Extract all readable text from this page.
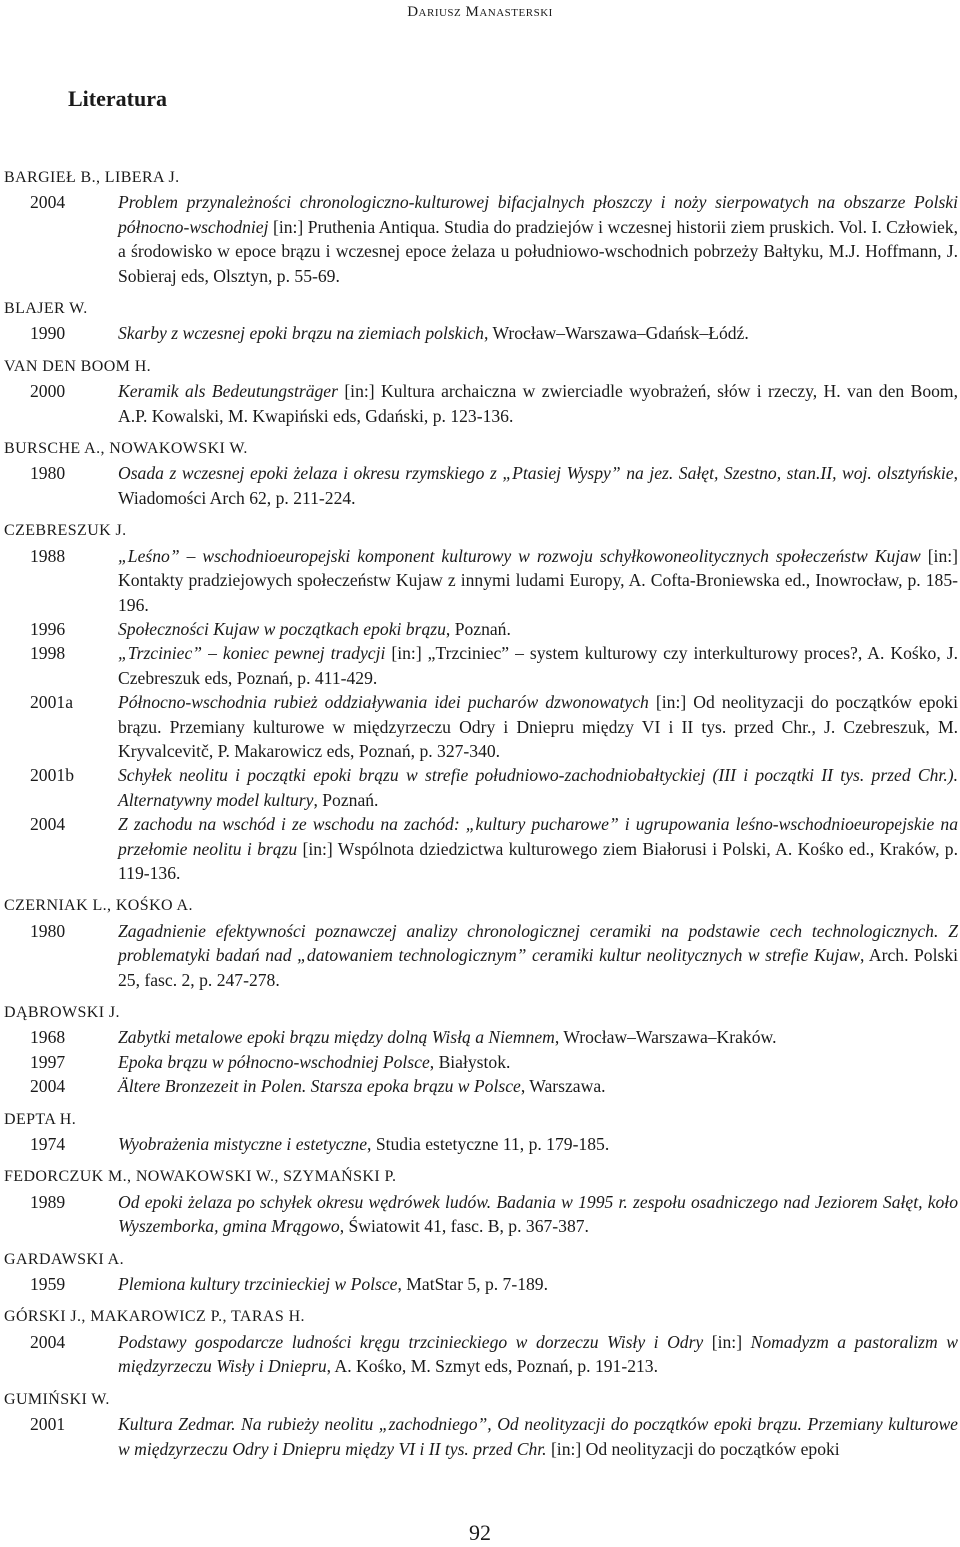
Dariusz Manasterski
Literatura
BARGIEŁ B., LIBERA J.
2004	Problem przynależności chronologiczno-kulturowej bifacjalnych płoszczy i noży sierpowatych na obszarze Polski północno-wschodniej [in:] Pruthenia Antiqua. Studia do pradziejów i wczesnej historii ziem pruskich. Vol. I. Człowiek, a środowisko w epoce brązu i wczesnej epoce żelaza u południowo-wschodnich pobrzeży Bałtyku, M.J. Hoffmann, J. Sobieraj eds, Olsztyn, p. 55-69.
BLAJER W.
1990	Skarby z wczesnej epoki brązu na ziemiach polskich, Wrocław–Warszawa–Gdańsk–Łódź.
VAN DEN BOOM H.
2000	Keramik als Bedeutungsträger [in:] Kultura archaiczna w zwierciadle wyobrażeń, słów i rzeczy, H. van den Boom, A.P. Kowalski, M. Kwapiński eds, Gdański, p. 123-136.
BURSCHE A., NOWAKOWSKI W.
1980	Osada z wczesnej epoki żelaza i okresu rzymskiego z „Ptasiej Wyspy” na jez. Sałęt, Szestno, stan.II, woj. olsztyńskie, Wiadomości Arch 62, p. 211-224.
CZEBRESZUK J.
1988	„Leśno” – wschodnioeuropejski komponent kulturowy w rozwoju schyłkowoneolitycznych społeczeństw Kujaw [in:] Kontakty pradziejowych społeczeństw Kujaw z innymi ludami Europy, A. Cofta-Broniewska ed., Inowrocław, p. 185-196.
1996	Społeczności Kujaw w początkach epoki brązu, Poznań.
1998	„Trzciniec” – koniec pewnej tradycji [in:] „Trzciniec” – system kulturowy czy interkulturowy proces?, A. Kośko, J. Czebreszuk eds, Poznań, p. 411-429.
2001a	Północno-wschodnia rubież oddziaływania idei pucharów dzwonowatych [in:] Od neolityzacji do początków epoki brązu. Przemiany kulturowe w międzyrzeczu Odry i Dniepru między VI i II tys. przed Chr., J. Czebreszuk, M. Kryvalcevitč, P. Makarowicz eds, Poznań, p. 327-340.
2001b	Schyłek neolitu i początki epoki brązu w strefie południowo-zachodniobałtyckiej (III i początki II tys. przed Chr.). Alternatywny model kultury, Poznań.
2004	Z zachodu na wschód i ze wschodu na zachód: „kultury pucharowe” i ugrupowania leśno-wschodnioeuropejskie na przełomie neolitu i brązu [in:] Wspólnota dziedzictwa kulturowego ziem Białorusi i Polski, A. Kośko ed., Kraków, p. 119-136.
CZERNIAK L., KOŚKO A.
1980	Zagadnienie efektywności poznawczej analizy chronologicznej ceramiki na podstawie cech technologicznych. Z problematyki badań nad „datowaniem technologicznym” ceramiki kultur neolitycznych w strefie Kujaw, Arch. Polski 25, fasc. 2, p. 247-278.
DĄBROWSKI J.
1968	Zabytki metalowe epoki brązu między dolną Wisłą a Niemnem, Wrocław–Warszawa–Kraków.
1997	Epoka brązu w północno-wschodniej Polsce, Białystok.
2004	Ältere Bronzezeit in Polen. Starsza epoka brązu w Polsce, Warszawa.
DEPTA H.
1974	Wyobrażenia mistyczne i estetyczne, Studia estetyczne 11, p. 179-185.
FEDORCZUK M., NOWAKOWSKI W., SZYMAŃSKI P.
1989	Od epoki żelaza po schyłek okresu wędrówek ludów. Badania w 1995 r. zespołu osadniczego nad Jeziorem Sałęt, koło Wyszemborka, gmina Mrągowo, Światowit 41, fasc. B, p. 367-387.
GARDAWSKI A.
1959	Plemiona kultury trzcinieckiej w Polsce, MatStar 5, p. 7-189.
GÓRSKI J., MAKAROWICZ P., TARAS H.
2004	Podstawy gospodarcze ludności kręgu trzcinieckiego w dorzeczu Wisły i Odry [in:] Nomadyzm a pastoralizm w międzyrzeczu Wisły i Dniepru, A. Kośko, M. Szmyt eds, Poznań, p. 191-213.
GUMIŃSKI W.
2001	Kultura Zedmar. Na rubieży neolitu „zachodniego”, Od neolityzacji do początków epoki brązu. Przemiany kulturowe w międzyrzeczu Odry i Dniepru między VI i II tys. przed Chr. [in:] Od neolityzacji do początków epoki
92
